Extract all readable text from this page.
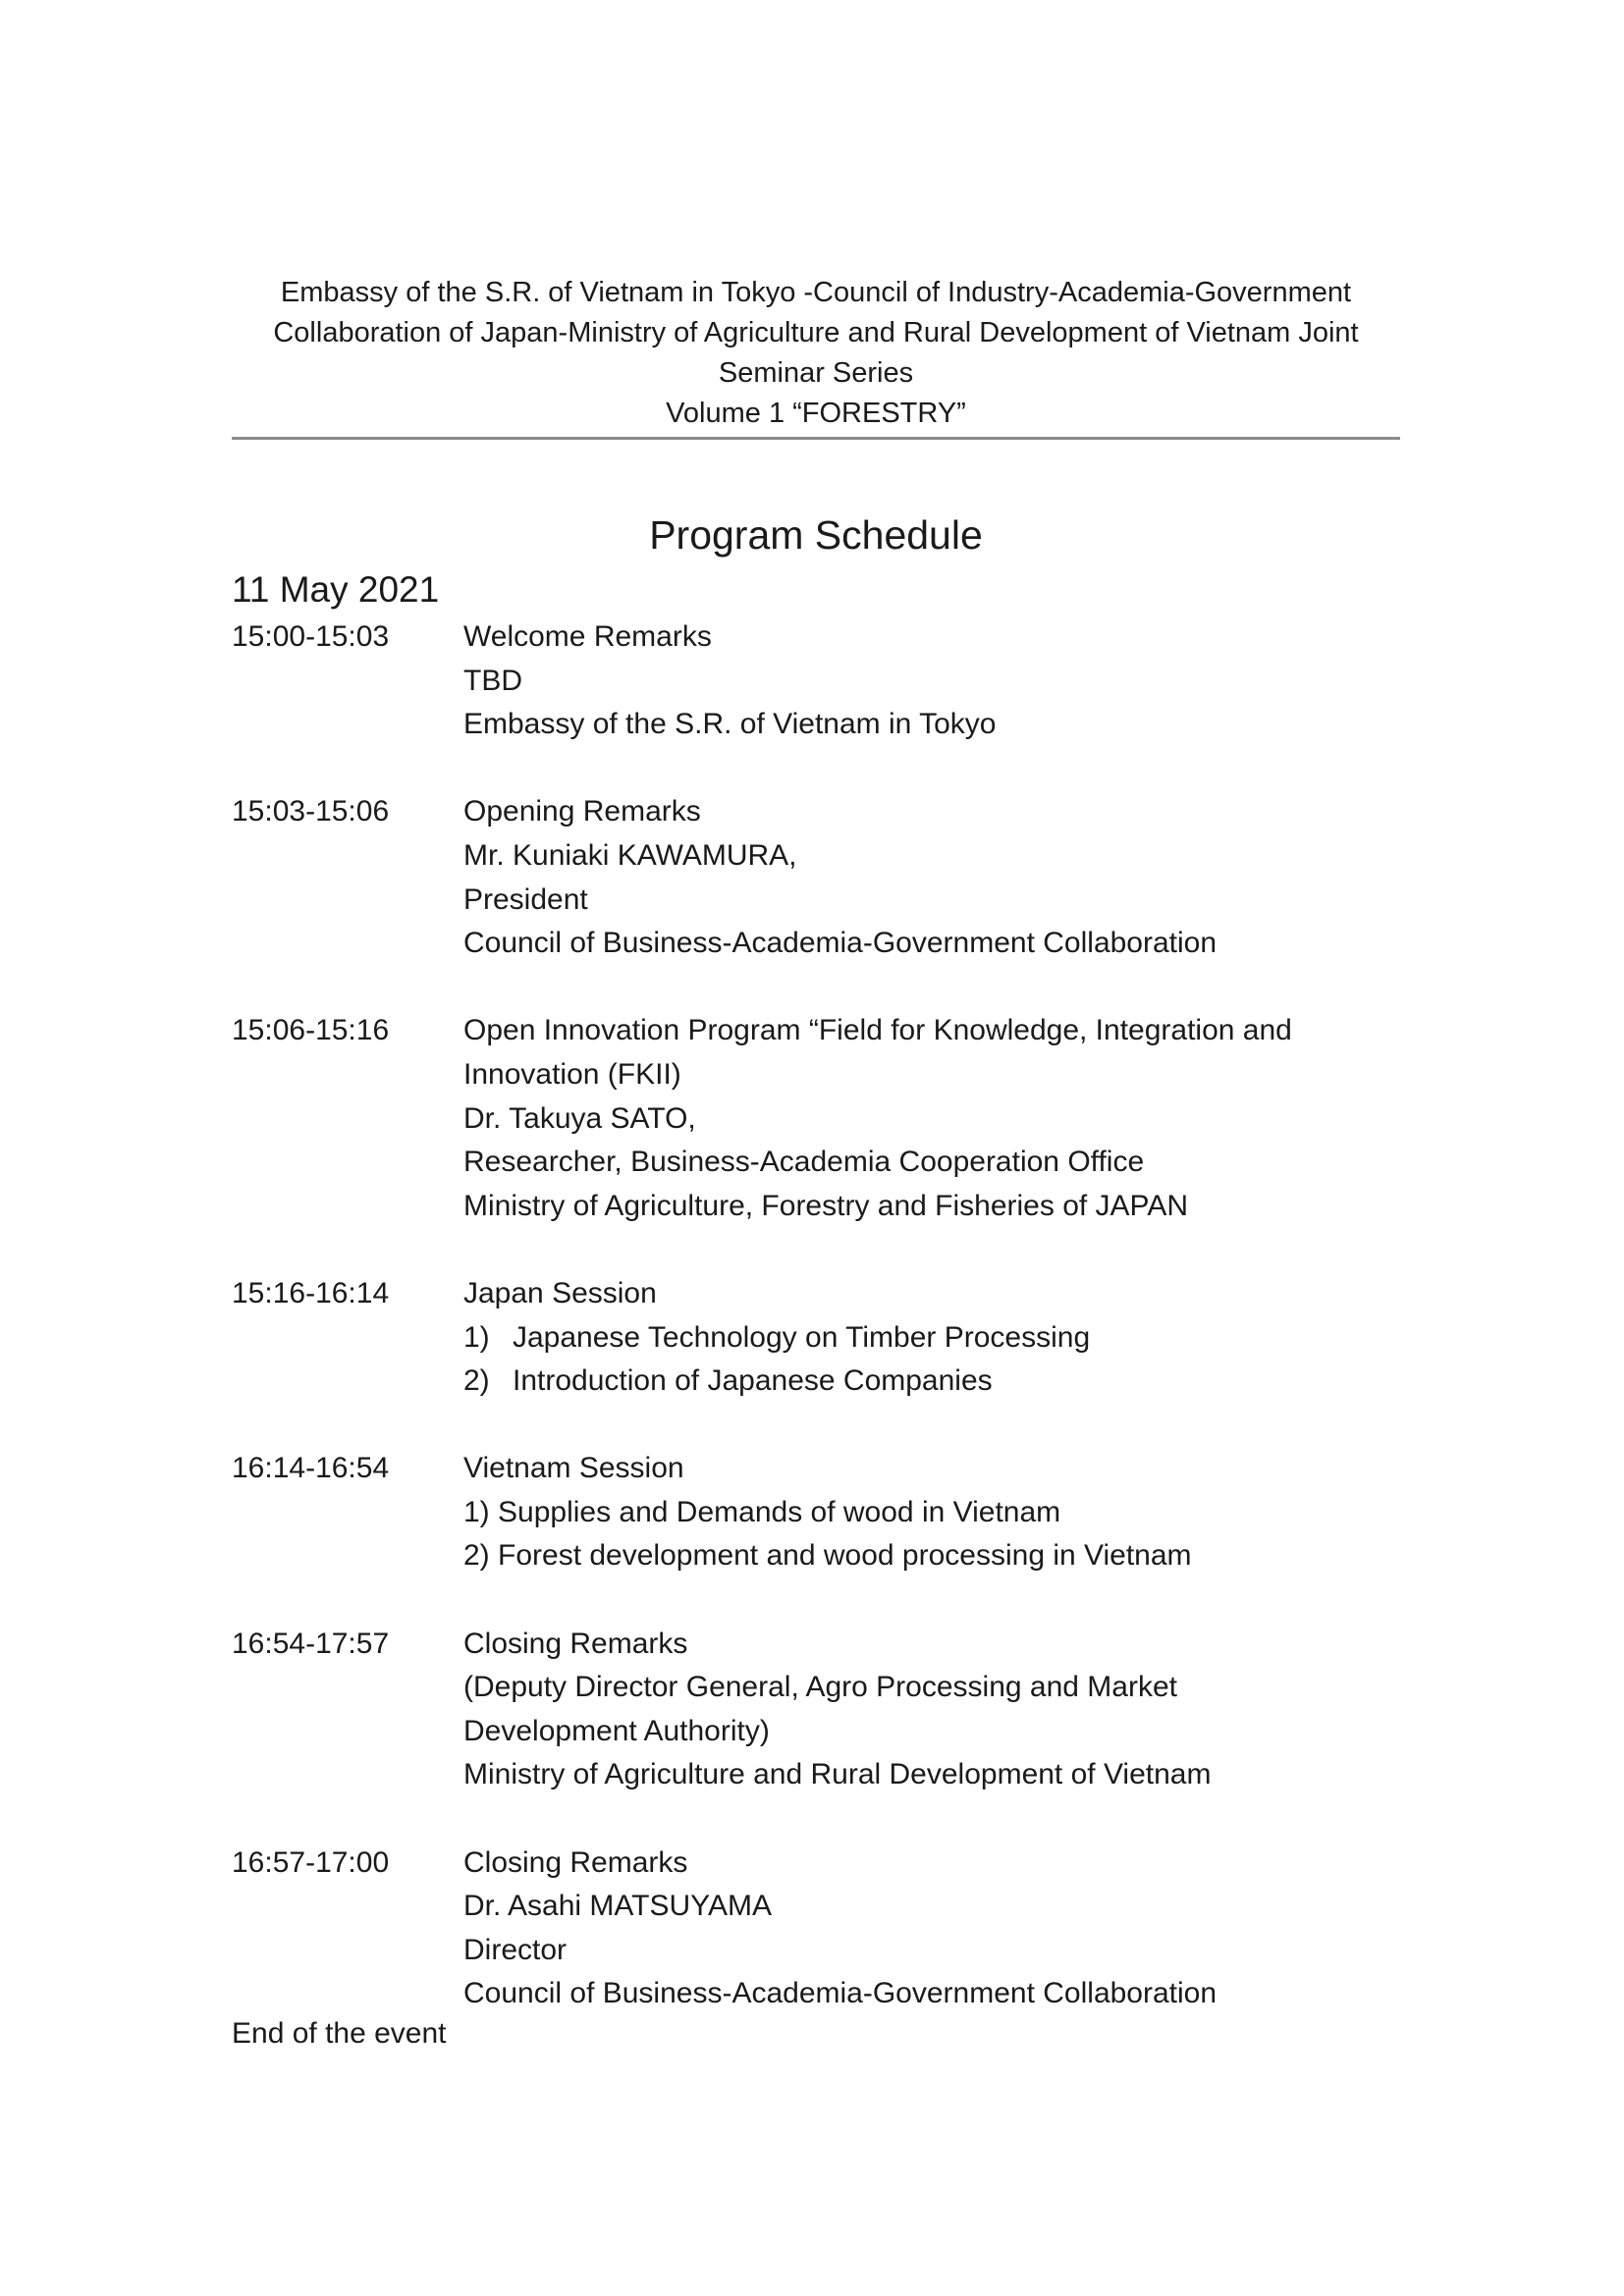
Embassy of the S.R. of Vietnam in Tokyo -Council of Industry-Academia-Government
Collaboration of Japan-Ministry of Agriculture and Rural Development of Vietnam Joint
Seminar Series
Volume 1 “FORESTRY”
Program Schedule
11 May 2021
15:00-15:03	Welcome Remarks
TBD
Embassy of the S.R. of Vietnam in Tokyo
15:03-15:06	Opening Remarks
Mr. Kuniaki KAWAMURA,
President
Council of Business-Academia-Government Collaboration
15:06-15:16	Open Innovation Program “Field for Knowledge, Integration and
Innovation (FKII)
Dr. Takuya SATO,
Researcher, Business-Academia Cooperation Office
Ministry of Agriculture, Forestry and Fisheries of JAPAN
15:16-16:14	Japan Session
1) Japanese Technology on Timber Processing
2) Introduction of Japanese Companies
16:14-16:54	Vietnam Session
1) Supplies and Demands of wood in Vietnam
2) Forest development and wood processing in Vietnam
16:54-17:57	Closing Remarks
(Deputy Director General, Agro Processing and Market
Development Authority)
Ministry of Agriculture and Rural Development of Vietnam
16:57-17:00	Closing Remarks
Dr. Asahi MATSUYAMA
Director
Council of Business-Academia-Government Collaboration
End of the event
